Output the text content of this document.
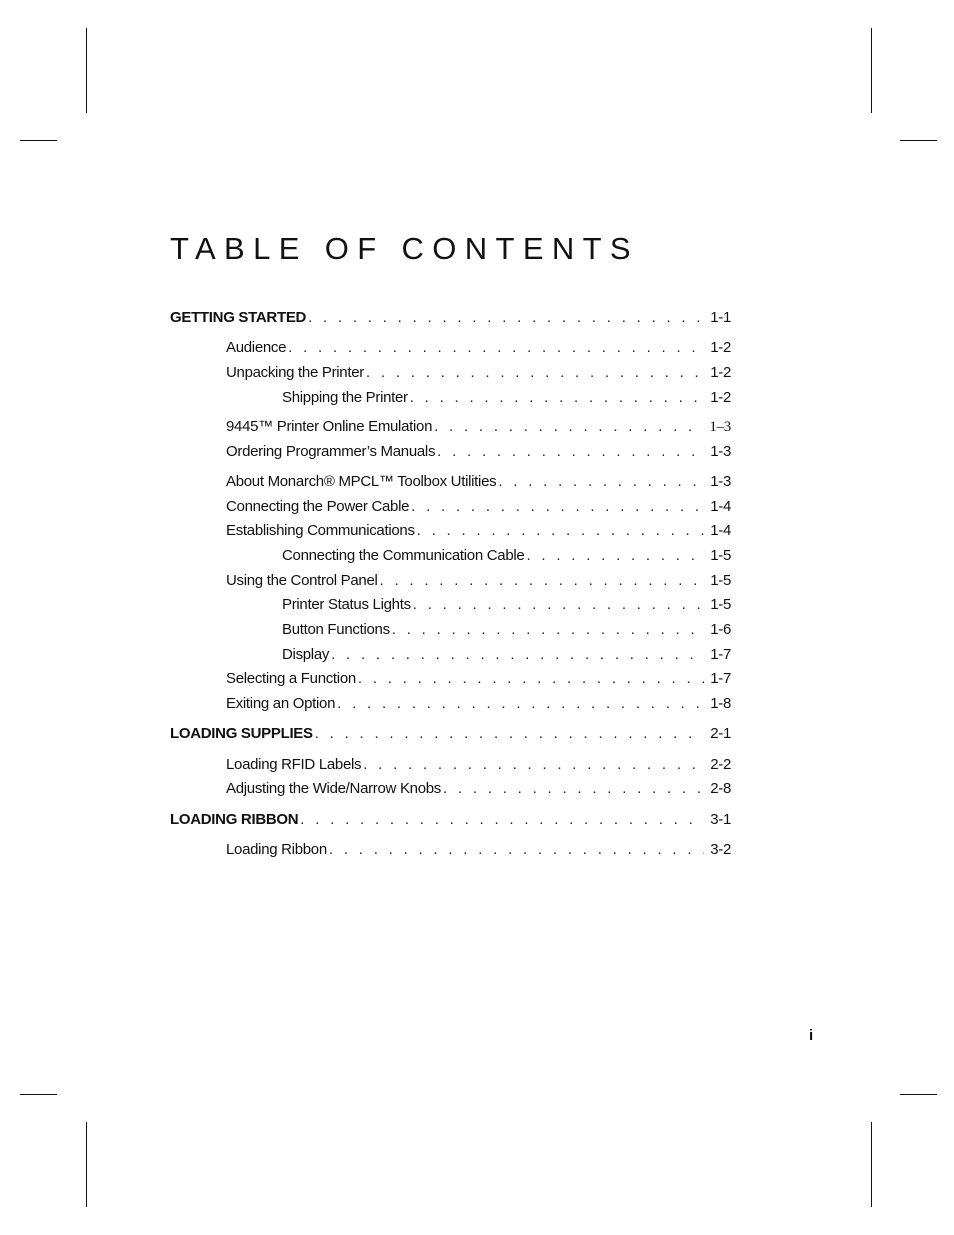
TABLE OF CONTENTS
GETTING STARTED . . .	1-1
Audience . . .	1-2
Unpacking the Printer . . .	1-2
Shipping the Printer . . .	1-2
9445™ Printer Online Emulation . . .	1–3
Ordering Programmer’s Manuals . . .	1-3
About Monarch® MPCL™ Toolbox Utilities . . .	1-3
Connecting the Power Cable . . .	1-4
Establishing Communications . . .	1-4
Connecting the Communication Cable . . .	1-5
Using the Control Panel . . .	1-5
Printer Status Lights . . .	1-5
Button Functions . . .	1-6
Display . . .	1-7
Selecting a Function . . .	1-7
Exiting an Option . . .	1-8
LOADING SUPPLIES . . .	2-1
Loading RFID Labels . . .	2-2
Adjusting the Wide/Narrow Knobs . . .	2-8
LOADING RIBBON . . .	3-1
Loading Ribbon . . .	3-2
i
